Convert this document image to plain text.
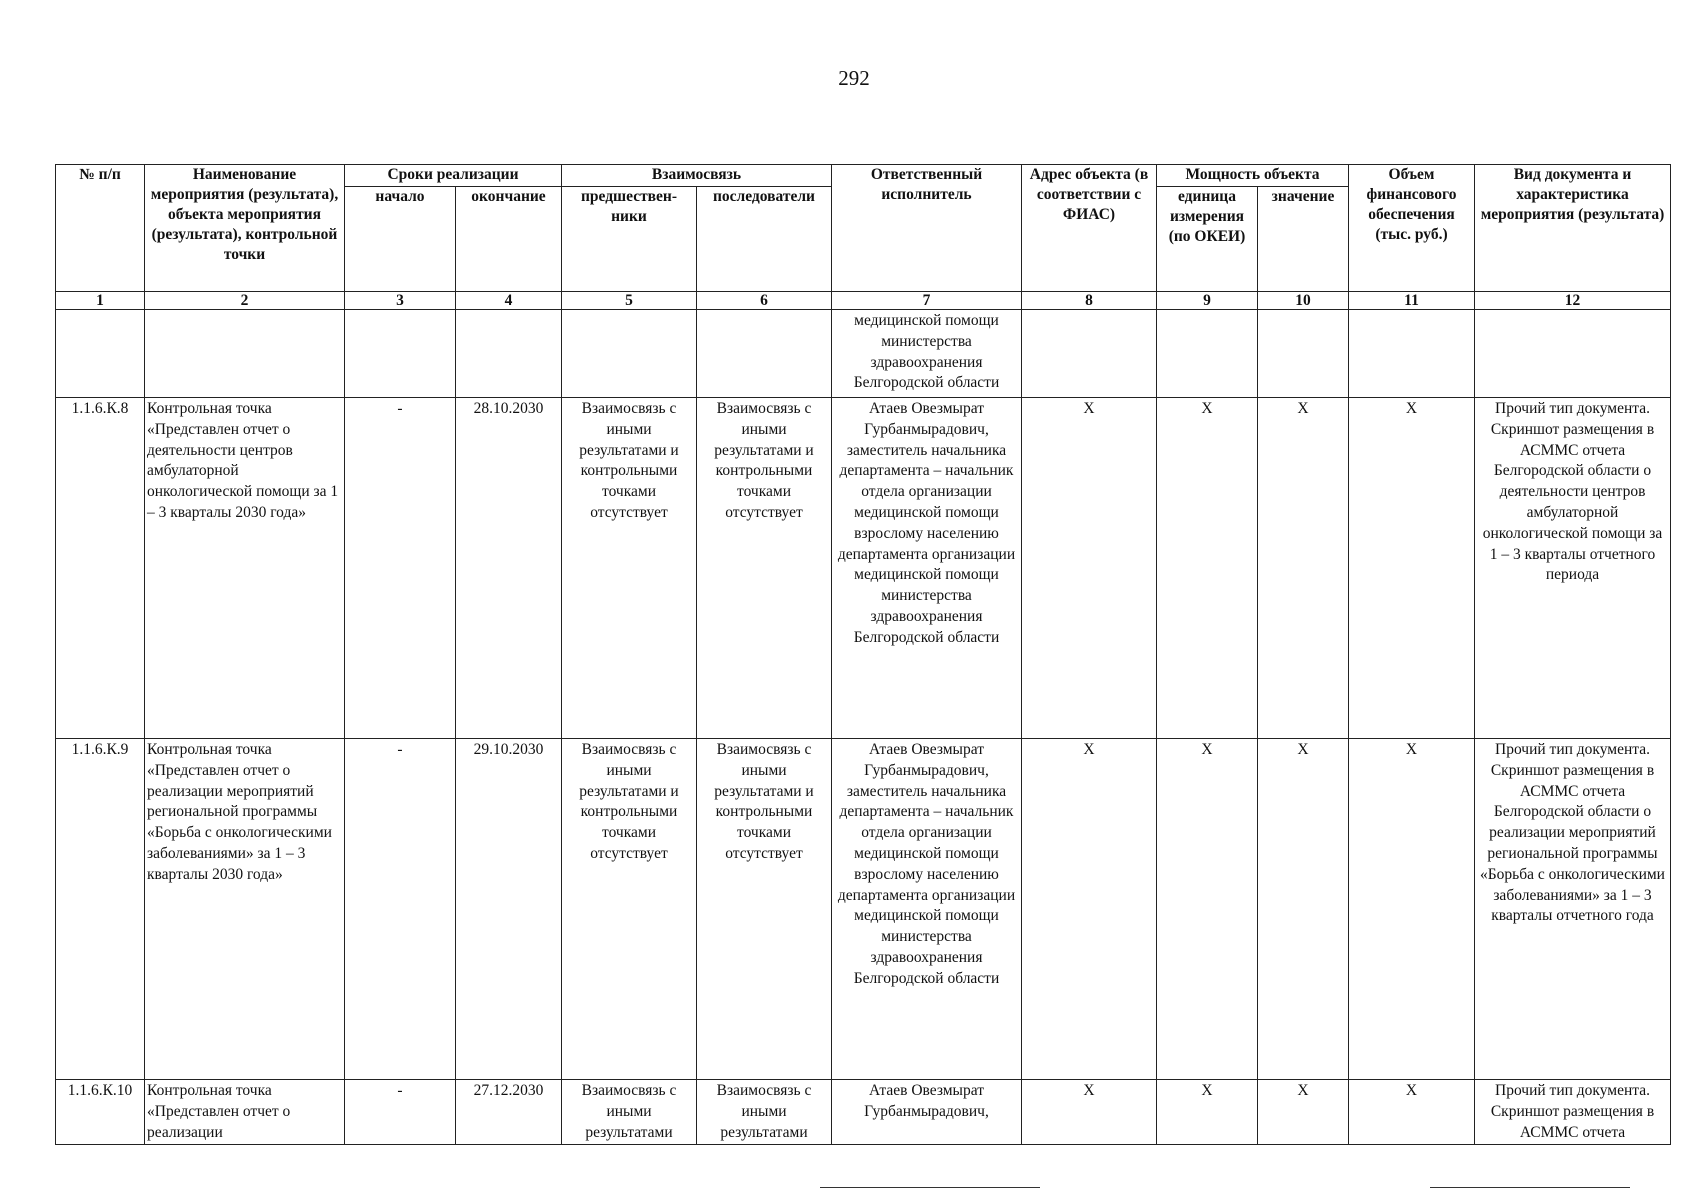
292
№ п/п	Наименование мероприятия (результата), объекта мероприятия (результата), контрольной точки	Сроки реализации		Взаимосвязь		Ответственный исполнитель	Адрес объекта (в соответствии с ФИАС)	Мощность объекта		Объем финансового обеспечения (тыс. руб.)	Вид документа и характеристика мероприятия (результата)
		начало	окончание	предшествен-ники	последователи			единица измерения (по ОКЕИ)	значение		
1	2	3	4	5	6	7	8	9	10	11	12
						медицинской помощи министерства здравоохранения Белгородской области					
1.1.6.К.8	Контрольная точка «Представлен отчет о деятельности центров амбулаторной онкологической помощи за 1 – 3 кварталы 2030 года»	-	28.10.2030	Взаимосвязь с иными результатами и контрольными точками отсутствует	Взаимосвязь с иными результатами и контрольными точками отсутствует	Атаев Овезмырат Гурбанмырадович, заместитель начальника департамента – начальник отдела организации медицинской помощи взрослому населению департамента организации медицинской помощи министерства здравоохранения Белгородской области	X	X	X	X	Прочий тип документа. Скриншот размещения в АСММС отчета Белгородской области о деятельности центров амбулаторной онкологической помощи за 1 – 3 кварталы отчетного периода
1.1.6.К.9	Контрольная точка «Представлен отчет о реализации мероприятий региональной программы «Борьба с онкологическими заболеваниями» за 1 – 3 кварталы 2030 года»	-	29.10.2030	Взаимосвязь с иными результатами и контрольными точками отсутствует	Взаимосвязь с иными результатами и контрольными точками отсутствует	Атаев Овезмырат Гурбанмырадович, заместитель начальника департамента – начальник отдела организации медицинской помощи взрослому населению департамента организации медицинской помощи министерства здравоохранения Белгородской области	X	X	X	X	Прочий тип документа. Скриншот размещения в АСММС отчета Белгородской области о реализации мероприятий региональной программы «Борьба с онкологическими заболеваниями» за 1 – 3 кварталы отчетного года
1.1.6.К.10	Контрольная точка «Представлен отчет о реализации	-	27.12.2030	Взаимосвязь с иными результатами	Взаимосвязь с иными результатами	Атаев Овезмырат Гурбанмырадович,	X	X	X	X	Прочий тип документа. Скриншот размещения в АСММС отчета
